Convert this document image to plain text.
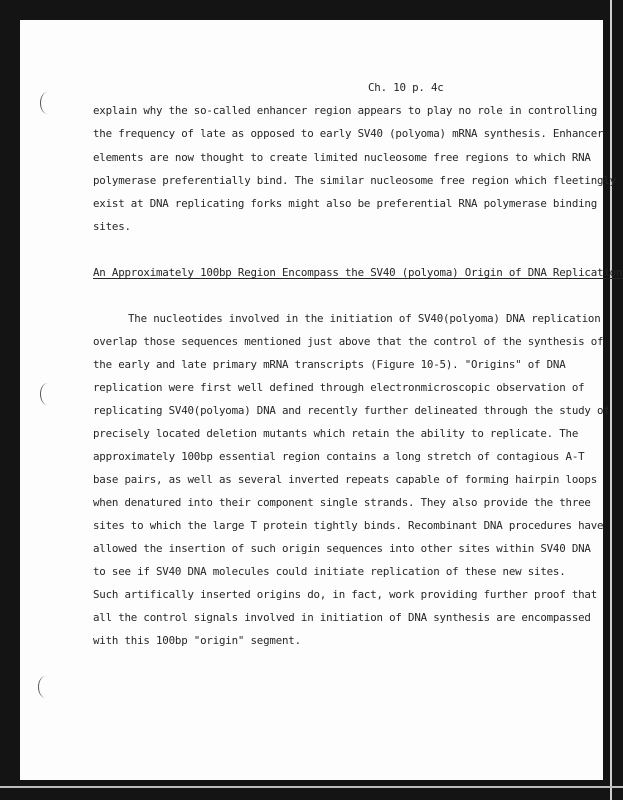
Ch. 10 p. 4c
explain why the so-called enhancer region appears to play no role in controlling
the frequency of late as opposed to early SV40 (polyoma) mRNA synthesis. Enhancer
elements are now thought to create limited nucleosome free regions to which RNA
polymerase preferentially bind. The similar nucleosome free region which fleetingly
exist at DNA replicating forks might also be preferential RNA polymerase binding
sites.
An Approximately 100bp Region Encompass the SV40 (polyoma) Origin of DNA Replication
The nucleotides involved in the initiation of SV40(polyoma) DNA replication
overlap those sequences mentioned just above that the control of the synthesis of
the early and late primary mRNA transcripts (Figure 10-5). "Origins" of DNA
replication were first well defined through electronmicroscopic observation of
replicating SV40(polyoma) DNA and recently further delineated through the study of
precisely located deletion mutants which retain the ability to replicate. The
approximately 100bp essential region contains a long stretch of contagious A-T
base pairs, as well as several inverted repeats capable of forming hairpin loops
when denatured into their component single strands. They also provide the three
sites to which the large T protein tightly binds. Recombinant DNA procedures have
allowed the insertion of such origin sequences into other sites within SV40 DNA
to see if SV40 DNA molecules could initiate replication of these new sites.
Such artifically inserted origins do, in fact, work providing further proof that
all the control signals involved in initiation of DNA synthesis are encompassed
with this 100bp "origin" segment.
